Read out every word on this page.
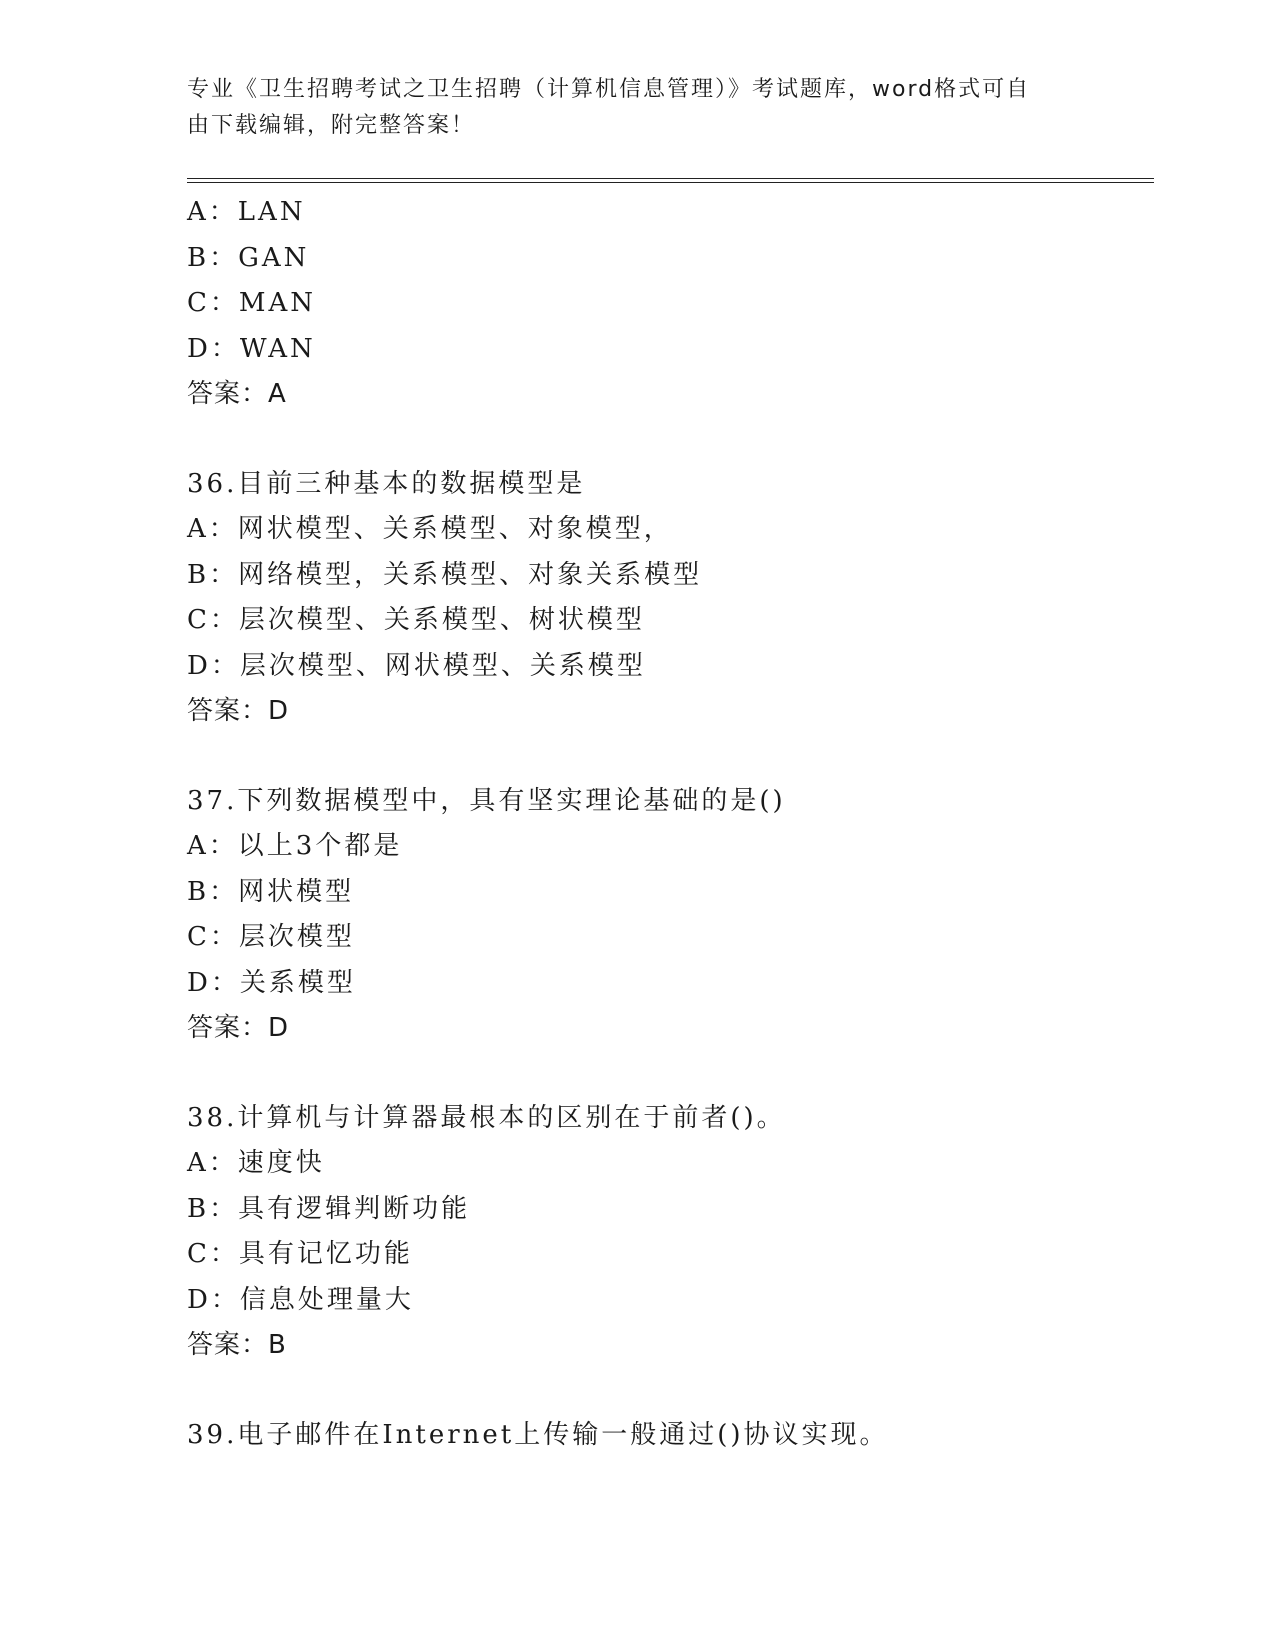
专业《卫生招聘考试之卫生招聘（计算机信息管理）》考试题库，word格式可自
由下载编辑，附完整答案！
A：LAN
B：GAN
C：MAN
D：WAN
答案：A
36.目前三种基本的数据模型是
A：网状模型、关系模型、对象模型，
B：网络模型，关系模型、对象关系模型
C：层次模型、关系模型、树状模型
D：层次模型、网状模型、关系模型
答案：D
37.下列数据模型中，具有坚实理论基础的是()
A：以上3个都是
B：网状模型
C：层次模型
D：关系模型
答案：D
38.计算机与计算器最根本的区别在于前者()。
A：速度快
B：具有逻辑判断功能
C：具有记忆功能
D：信息处理量大
答案：B
39.电子邮件在Internet上传输一般通过()协议实现。
